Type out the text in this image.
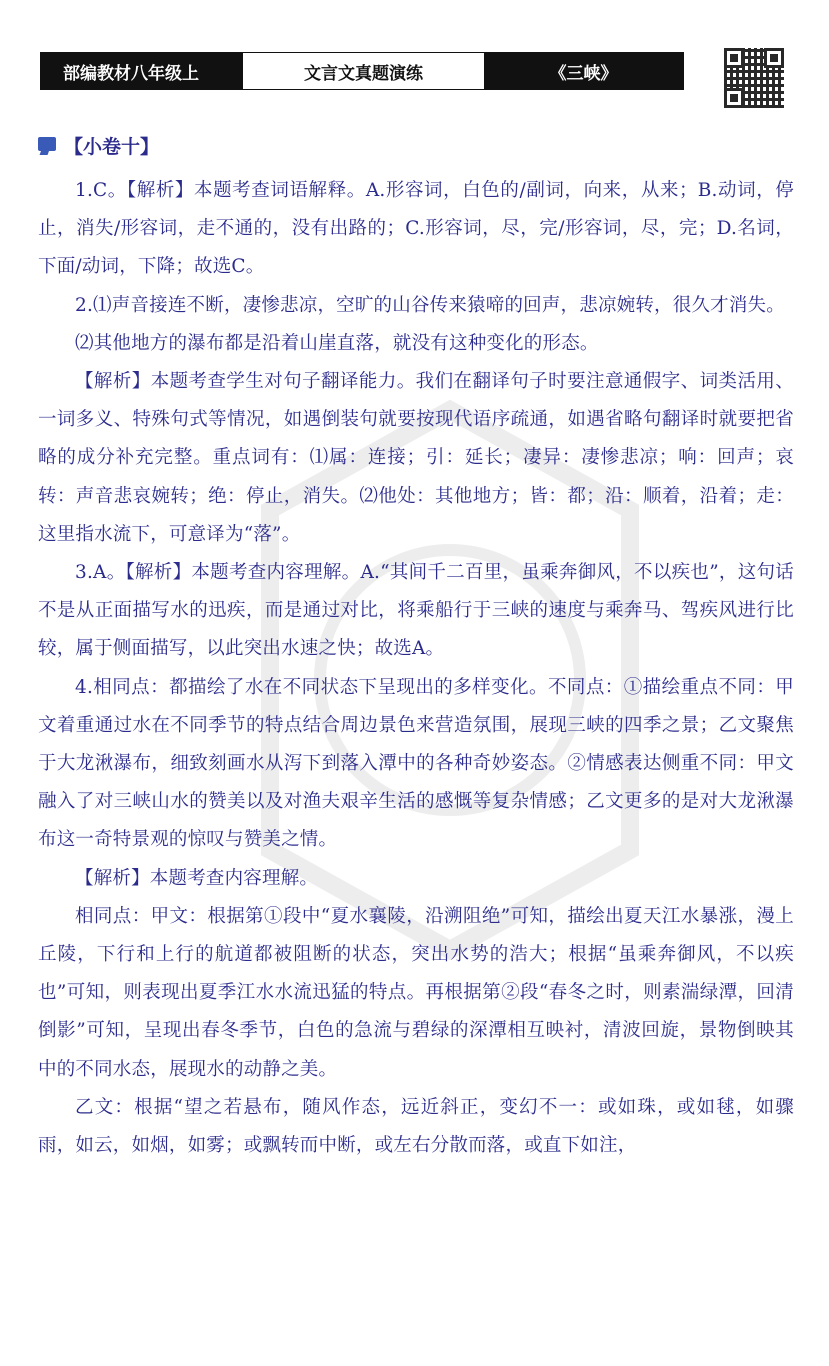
部编教材八年级上	文言文真题演练	《三峡》
【小卷十】

1.C。【解析】本题考查词语解释。A.形容词，白色的/副词，向来，从来；B.动词，停止，消失/形容词，走不通的，没有出路的；C.形容词，尽，完/形容词，尽，完；D.名词，下面/动词，下降；故选C。

2.⑴声音接连不断，凄惨悲凉，空旷的山谷传来猿啼的回声，悲凉婉转，很久才消失。

⑵其他地方的瀑布都是沿着山崖直落，就没有这种变化的形态。

【解析】本题考查学生对句子翻译能力。我们在翻译句子时要注意通假字、词类活用、一词多义、特殊句式等情况，如遇倒装句就要按现代语序疏通，如遇省略句翻译时就要把省略的成分补充完整。重点词有：⑴属：连接；引：延长；凄异：凄惨悲凉；响：回声；哀转：声音悲哀婉转；绝：停止，消失。⑵他处：其他地方；皆：都；沿：顺着，沿着；走：这里指水流下，可意译为“落”。

3.A。【解析】本题考查内容理解。A.“其间千二百里，虽乘奔御风，不以疾也”，这句话不是从正面描写水的迅疾，而是通过对比，将乘船行于三峡的速度与乘奔马、驾疾风进行比较，属于侧面描写，以此突出水速之快；故选A。

4.相同点：都描绘了水在不同状态下呈现出的多样变化。不同点：①描绘重点不同：甲文着重通过水在不同季节的特点结合周边景色来营造氛围，展现三峡的四季之景；乙文聚焦于大龙湫瀑布，细致刻画水从泻下到落入潭中的各种奇妙姿态。②情感表达侧重不同：甲文融入了对三峡山水的赞美以及对渔夫艰辛生活的感慨等复杂情感；乙文更多的是对大龙湫瀑布这一奇特景观的惊叹与赞美之情。

【解析】本题考查内容理解。

相同点：甲文：根据第①段中“夏水襄陵，沿溯阻绝”可知，描绘出夏天江水暴涨，漫上丘陵，下行和上行的航道都被阻断的状态，突出水势的浩大；根据“虽乘奔御风，不以疾也”可知，则表现出夏季江水水流迅猛的特点。再根据第②段“春冬之时，则素湍绿潭，回清倒影”可知，呈现出春冬季节，白色的急流与碧绿的深潭相互映衬，清波回旋，景物倒映其中的不同水态，展现水的动静之美。

乙文：根据“望之若悬布，随风作态，远近斜正，变幻不一：或如珠，或如毬，如骤雨，如云，如烟，如雾；或飘转而中断，或左右分散而落，或直下如注，
